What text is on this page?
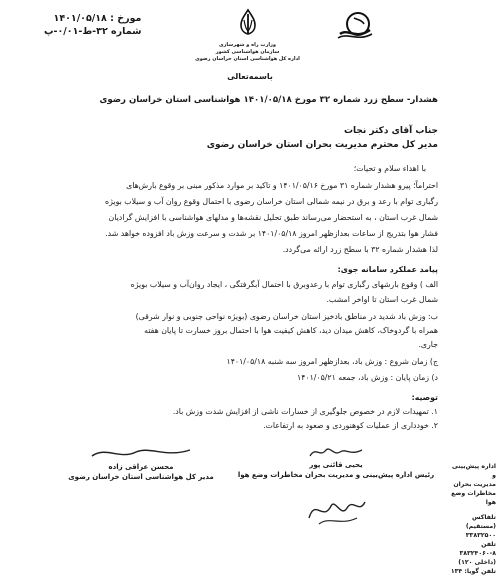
مورخ : ۱۴۰۱/۰۵/۱۸
شماره ۳۲-ط-۰/۰۱-پ
وزارت راه و شهرسازی
سازمان هواشناسی کشور
اداره کل هواشناسی استان خراسان رضوی
باسمه‌تعالی
هشدار- سطح زرد شماره ۳۲ مورخ ۱۴۰۱/۰۵/۱۸ هواشناسی استان خراسان رضوی
جناب آقای دکتر نجات
مدیر کل محترم مدیریت بحران استان خراسان رضوی
با اهداء سلام و تحیات؛
احتراماً؛ پیرو هشدار شماره ۳۱ مورخ ۱۴۰۱/۰۵/۱۶ و تاکید بر موارد مذکور مبنی بر وقوع بارش‌های
رگباری توام با رعد و برق در نیمه شمالی استان خراسان رضوی با احتمال وقوع روان آب و سیلاب بویژه
شمال غرب استان ، به استحضار می‌رساند طبق تحلیل نقشه‌ها و مدلهای هواشناسی با افزایش گرادیان
فشار هوا بتدریج از ساعات بعدازظهر امروز ۱۴۰۱/۰۵/۱۸ بر شدت و سرعت وزش باد افزوده خواهد شد.
لذا هشدار شماره ۳۲ با سطح زرد ارائه می‌گردد.
پیامد عملکرد سامانه جوی:
الف ) وقوع بارشهای رگباری توام با رعدوبرق با احتمال آبگرفتگی ، ایجاد روان‌آب و سیلاب بویژه
شمال غرب استان تا اواخر امشب.
ب: وزش باد شدید در مناطق بادخیز استان خراسان رضوی (بویژه نواحی جنوبی و نوار شرقی)
همراه با گردوخاک، کاهش میدان دید، کاهش کیفیت هوا با احتمال بروز خسارت تا پایان هفته
جاری.
ج) زمان شروع : وزش باد، بعدازظهر امروز سه شنبه ۱۴۰۱/۰۵/۱۸
د) زمان پایان : وزش باد، جمعه ۱۴۰۱/۰۵/۲۱
توصیه:
۱. تمهیدات لازم در خصوص جلوگیری از خسارات ناشی از افزایش شدت وزش باد.
۲. خودداری از عملیات کوهنوردی و صعود به ارتفاعات.
یحیی قائنی پور
رئیس اداره پیش‌بینی و مدیریت بحران مخاطرات وضع هوا
محسن عراقی زاده
مدیر کل هواشناسی استان خراسان رضوی
اداره پیش‌بینی و
مدیریت بحران
مخاطرات وضع
هوا
تلفاکس (مستقیم)
۳۳۸۳۲۵۰۰
تلفن
۳۸۳۲۴۰۶۰-۸
(داخلی ۱۲۰)
تلفن گویا: ۱۳۴
